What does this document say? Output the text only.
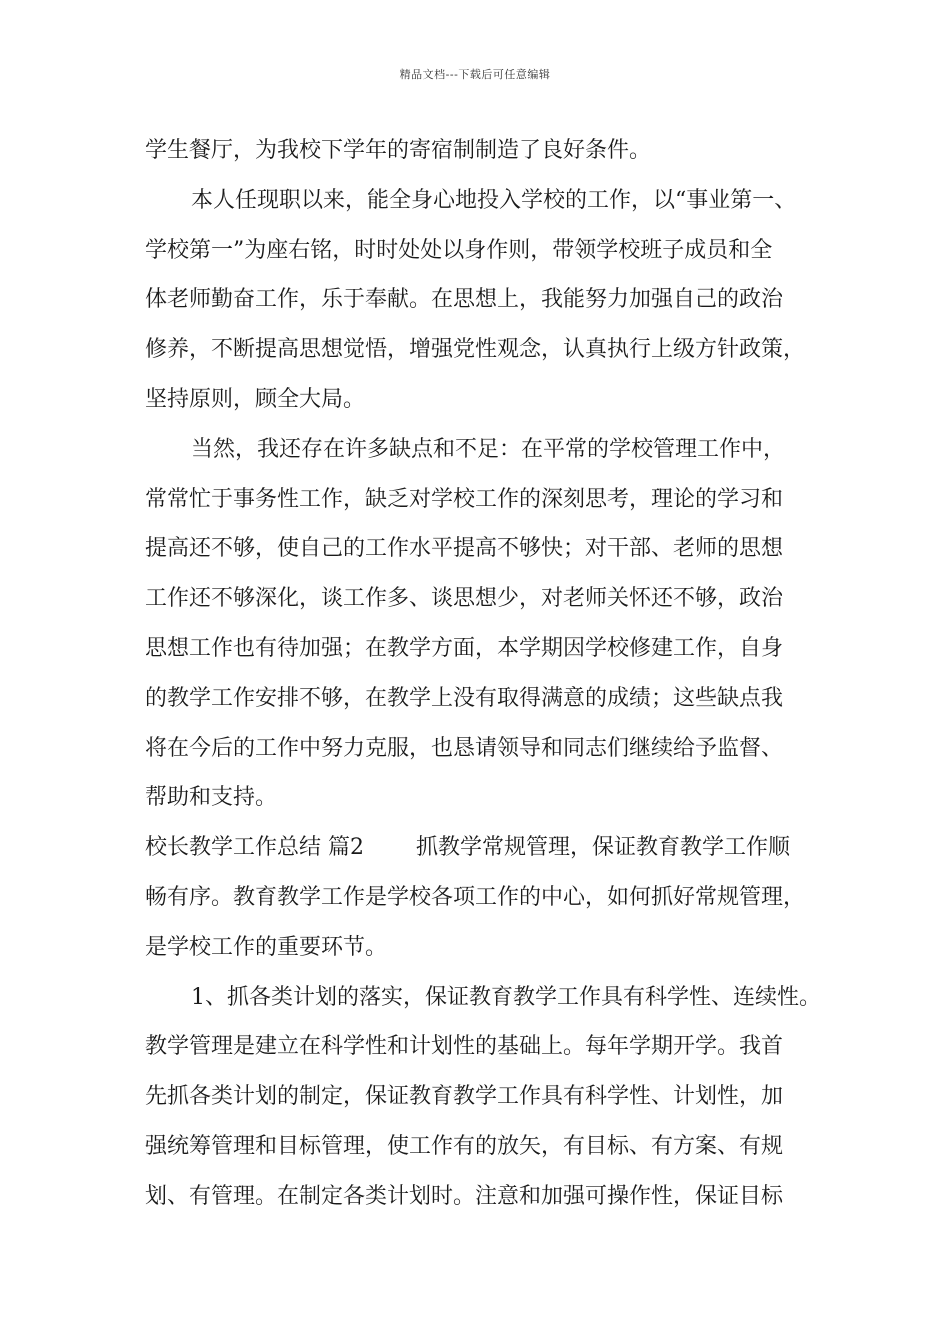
精品文档---下载后可任意编辑
学生餐厅，为我校下学年的寄宿制制造了良好条件。
本人任现职以来，能全身心地投入学校的工作，以“事业第一、
学校第一”为座右铭，时时处处以身作则，带领学校班子成员和全
体老师勤奋工作，乐于奉献。在思想上，我能努力加强自己的政治
修养，不断提高思想觉悟，增强党性观念，认真执行上级方针政策，
坚持原则，顾全大局。
当然，我还存在许多缺点和不足：在平常的学校管理工作中，
常常忙于事务性工作，缺乏对学校工作的深刻思考，理论的学习和
提高还不够，使自己的工作水平提高不够快；对干部、老师的思想
工作还不够深化，谈工作多、谈思想少，对老师关怀还不够，政治
思想工作也有待加强；在教学方面，本学期因学校修建工作，自身
的教学工作安排不够，在教学上没有取得满意的成绩；这些缺点我
将在今后的工作中努力克服，也恳请领导和同志们继续给予监督、
帮助和支持。
校长教学工作总结 篇2 抓教学常规管理，保证教育教学工作顺
畅有序。教育教学工作是学校各项工作的中心，如何抓好常规管理，
是学校工作的重要环节。
1、抓各类计划的落实，保证教育教学工作具有科学性、连续性。
教学管理是建立在科学性和计划性的基础上。每年学期开学。我首
先抓各类计划的制定，保证教育教学工作具有科学性、计划性，加
强统筹管理和目标管理，使工作有的放矢，有目标、有方案、有规
划、有管理。在制定各类计划时。注意和加强可操作性，保证目标
